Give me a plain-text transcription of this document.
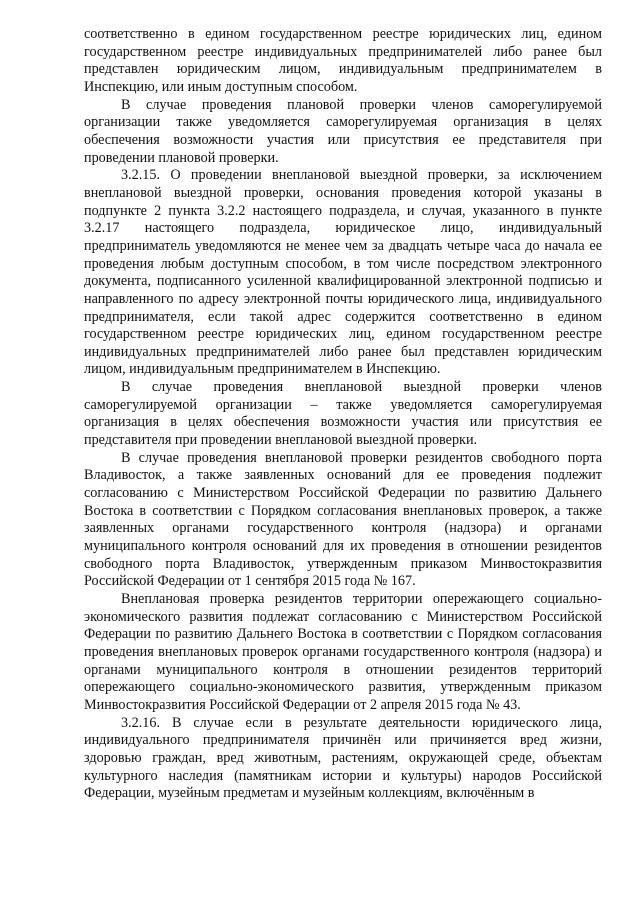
соответственно в едином государственном реестре юридических лиц, едином государственном реестре индивидуальных предпринимателей либо ранее был представлен юридическим лицом, индивидуальным предпринимателем в Инспекцию, или иным доступным способом.

В случае проведения плановой проверки членов саморегулируемой организации также уведомляется саморегулируемая организация в целях обеспечения возможности участия или присутствия ее представителя при проведении плановой проверки.

3.2.15. О проведении внеплановой выездной проверки, за исключением внеплановой выездной проверки, основания проведения которой указаны в подпункте 2 пункта 3.2.2 настоящего подраздела, и случая, указанного в пункте 3.2.17 настоящего подраздела, юридическое лицо, индивидуальный предприниматель уведомляются не менее чем за двадцать четыре часа до начала ее проведения любым доступным способом, в том числе посредством электронного документа, подписанного усиленной квалифицированной электронной подписью и направленного по адресу электронной почты юридического лица, индивидуального предпринимателя, если такой адрес содержится соответственно в едином государственном реестре юридических лиц, едином государственном реестре индивидуальных предпринимателей либо ранее был представлен юридическим лицом, индивидуальным предпринимателем в Инспекцию.

В случае проведения внеплановой выездной проверки членов саморегулируемой организации – также уведомляется саморегулируемая организация в целях обеспечения возможности участия или присутствия ее представителя при проведении внеплановой выездной проверки.

В случае проведения внеплановой проверки резидентов свободного порта Владивосток, а также заявленных оснований для ее проведения подлежит согласованию с Министерством Российской Федерации по развитию Дальнего Востока в соответствии с Порядком согласования внеплановых проверок, а также заявленных органами государственного контроля (надзора) и органами муниципального контроля оснований для их проведения в отношении резидентов свободного порта Владивосток, утвержденным приказом Минвостокразвития Российской Федерации от 1 сентября 2015 года № 167.

Внеплановая проверка резидентов территории опережающего социально-экономического развития подлежат согласованию с Министерством Российской Федерации по развитию Дальнего Востока в соответствии с Порядком согласования проведения внеплановых проверок органами государственного контроля (надзора) и органами муниципального контроля в отношении резидентов территорий опережающего социально-экономического развития, утвержденным приказом Минвостокразвития Российской Федерации от 2 апреля 2015 года № 43.

3.2.16. В случае если в результате деятельности юридического лица, индивидуального предпринимателя причинён или причиняется вред жизни, здоровью граждан, вред животным, растениям, окружающей среде, объектам культурного наследия (памятникам истории и культуры) народов Российской Федерации, музейным предметам и музейным коллекциям, включённым в
